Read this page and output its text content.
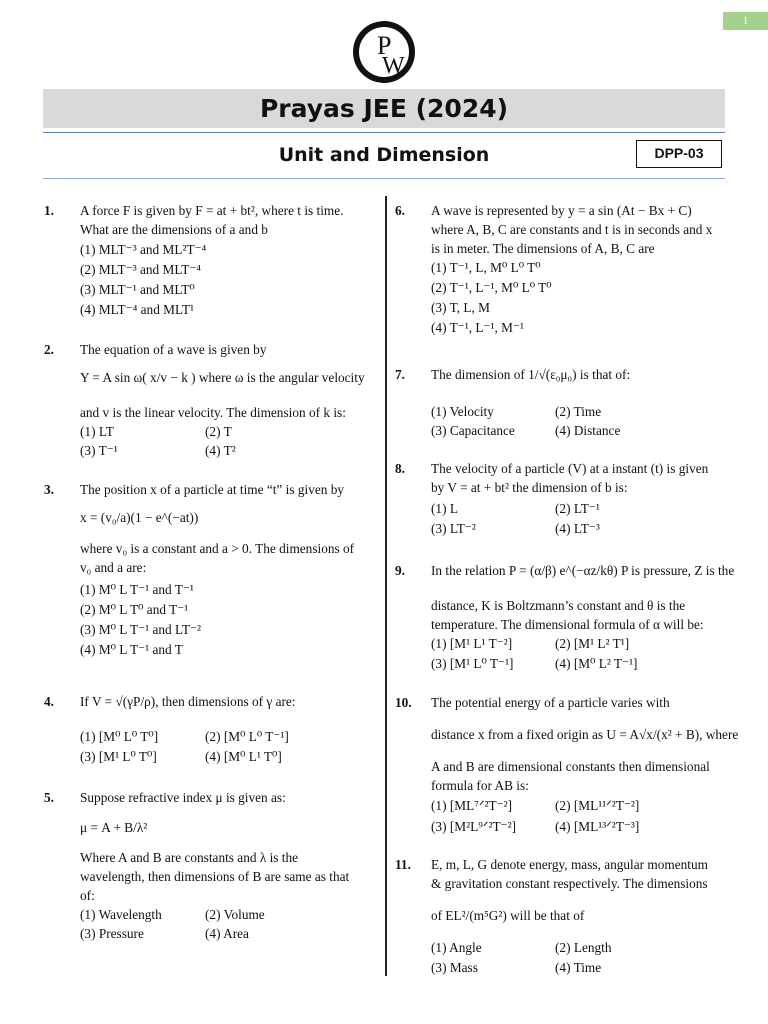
1
P
W
Prayas JEE (2024)
Unit and Dimension	DPP-03
1. A force F is given by F = at + bt², where t is time.
What are the dimensions of a and b
(1) MLT⁻³ and ML²T⁻⁴
(2) MLT⁻³ and MLT⁻⁴
(3) MLT⁻¹ and MLT⁰
(4) MLT⁻⁴ and MLT¹
2. The equation of a wave is given by
Y = A sin ω( x/v − k ) where ω is the angular velocity
and v is the linear velocity. The dimension of k is:
(1) LT	(2) T
(3) T⁻¹	(4) T²
3. The position x of a particle at time “t” is given by
x = (v₀/a)(1 − e^(−at))
where v₀ is a constant and a > 0. The dimensions of
v₀ and a are:
(1) M⁰ L T⁻¹ and T⁻¹
(2) M⁰ L T⁰ and T⁻¹
(3) M⁰ L T⁻¹ and LT⁻²
(4) M⁰ L T⁻¹ and T
4. If V = √(γP/ρ), then dimensions of γ are:
(1) [M⁰ L⁰ T⁰]	(2) [M⁰ L⁰ T⁻¹]
(3) [M¹ L⁰ T⁰]	(4) [M⁰ L¹ T⁰]
5. Suppose refractive index μ is given as:
μ = A + B/λ²
Where A and B are constants and λ is the
wavelength, then dimensions of B are same as that
of:
(1) Wavelength	(2) Volume
(3) Pressure	(4) Area
6. A wave is represented by y = a sin (At − Bx + C)
where A, B, C are constants and t is in seconds and x
is in meter. The dimensions of A, B, C are
(1) T⁻¹, L, M⁰ L⁰ T⁰
(2) T⁻¹, L⁻¹, M⁰ L⁰ T⁰
(3) T, L, M
(4) T⁻¹, L⁻¹, M⁻¹
7. The dimension of 1/√(ε₀μ₀) is that of:
(1) Velocity	(2) Time
(3) Capacitance	(4) Distance
8. The velocity of a particle (V) at a instant (t) is given
by V = at + bt² the dimension of b is:
(1) L	(2) LT⁻¹
(3) LT⁻²	(4) LT⁻³
9. In the relation P = (α/β) e^(−αz/kθ) P is pressure, Z is the
distance, K is Boltzmann’s constant and θ is the
temperature. The dimensional formula of α will be:
(1) [M¹ L¹ T⁻²]	(2) [M¹ L² T¹]
(3) [M¹ L⁰ T⁻¹]	(4) [M⁰ L² T⁻¹]
10. The potential energy of a particle varies with
distance x from a fixed origin as U = A√x/(x² + B), where
A and B are dimensional constants then dimensional
formula for AB is:
(1) [ML⁷ᐟ²T⁻²]	(2) [ML¹¹ᐟ²T⁻²]
(3) [M²L⁹ᐟ²T⁻²]	(4) [ML¹³ᐟ²T⁻³]
11. E, m, L, G denote energy, mass, angular momentum
& gravitation constant respectively. The dimensions
of EL²/(m⁵G²) will be that of
(1) Angle	(2) Length
(3) Mass	(4) Time
